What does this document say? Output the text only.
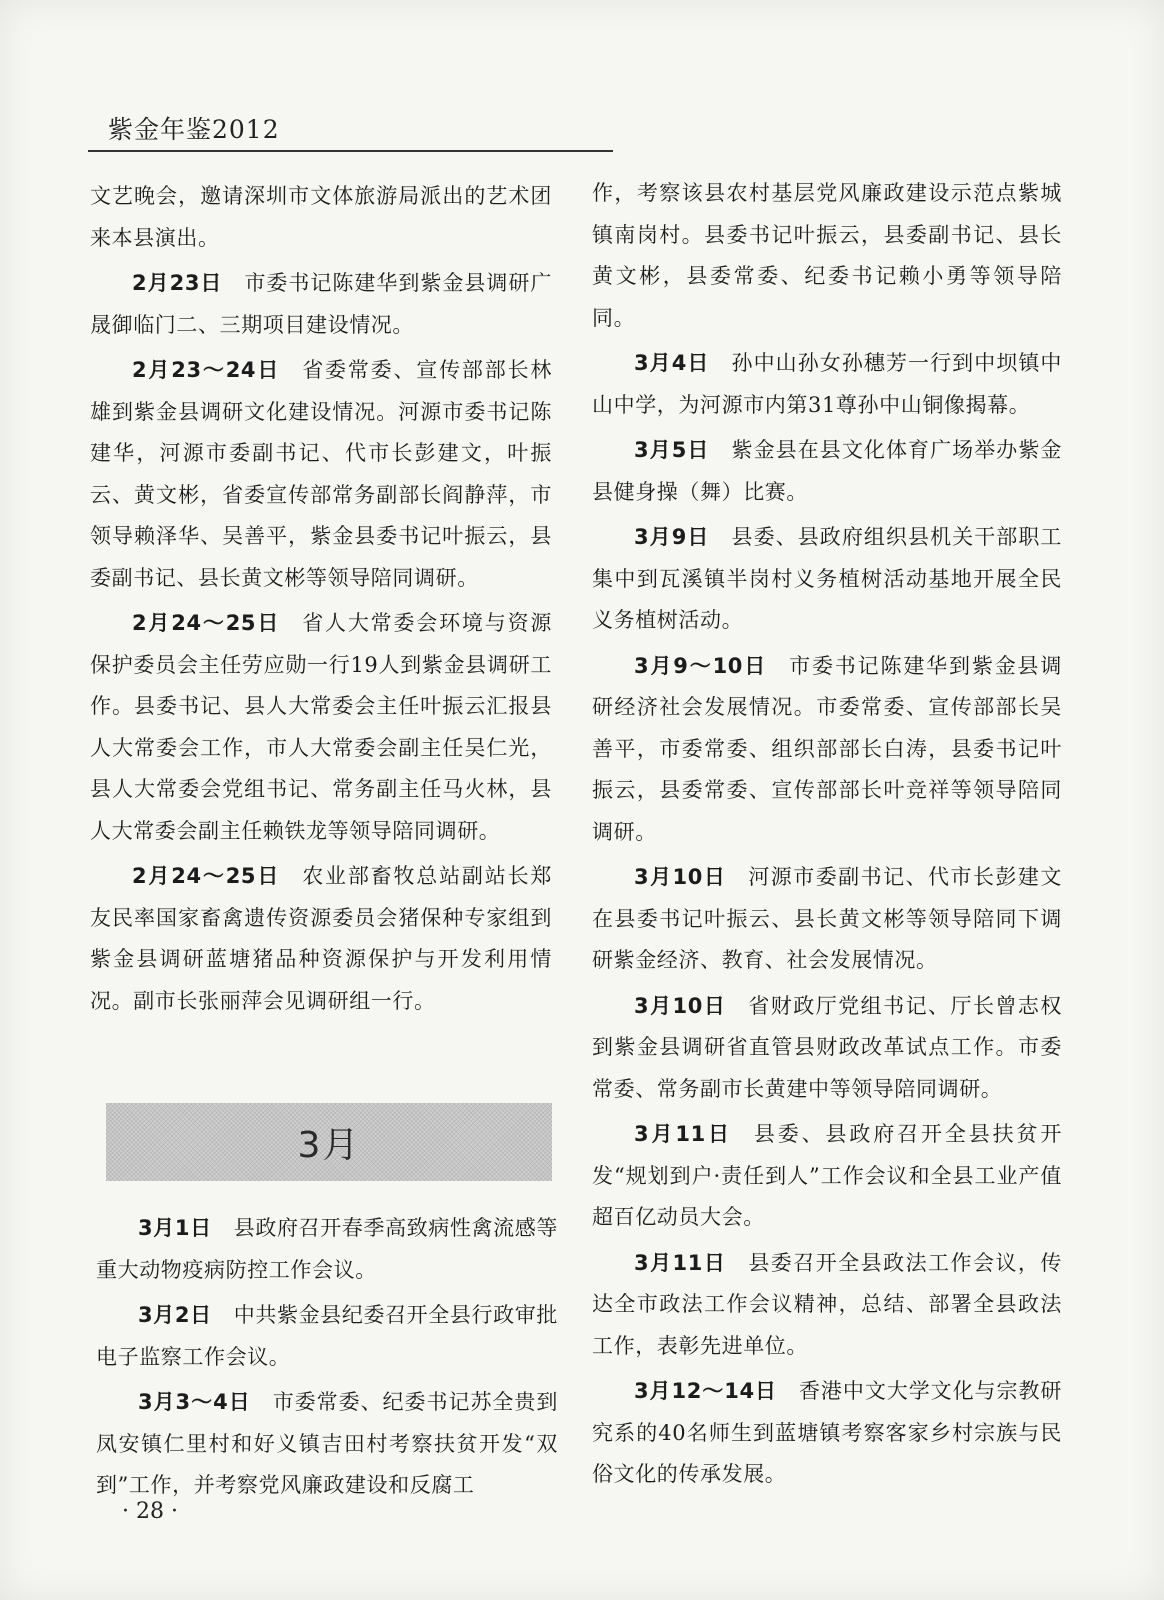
紫金年鉴2012

文艺晚会，邀请深圳市文体旅游局派出的艺术团来本县演出。

2月23日 市委书记陈建华到紫金县调研广晟御临门二、三期项目建设情况。

2月23～24日 省委常委、宣传部部长林雄到紫金县调研文化建设情况。河源市委书记陈建华，河源市委副书记、代市长彭建文，叶振云、黄文彬，省委宣传部常务副部长阎静萍，市领导赖泽华、吴善平，紫金县委书记叶振云，县委副书记、县长黄文彬等领导陪同调研。

2月24～25日 省人大常委会环境与资源保护委员会主任劳应勋一行19人到紫金县调研工作。县委书记、县人大常委会主任叶振云汇报县人大常委会工作，市人大常委会副主任吴仁光，县人大常委会党组书记、常务副主任马火林，县人大常委会副主任赖铁龙等领导陪同调研。

2月24～25日 农业部畜牧总站副站长郑友民率国家畜禽遗传资源委员会猪保种专家组到紫金县调研蓝塘猪品种资源保护与开发利用情况。副市长张丽萍会见调研组一行。

3月

3月1日 县政府召开春季高致病性禽流感等重大动物疫病防控工作会议。

3月2日 中共紫金县纪委召开全县行政审批电子监察工作会议。

3月3～4日 市委常委、纪委书记苏全贵到凤安镇仁里村和好义镇吉田村考察扶贫开发“双到”工作，并考察党风廉政建设和反腐工

作，考察该县农村基层党风廉政建设示范点紫城镇南岗村。县委书记叶振云，县委副书记、县长黄文彬，县委常委、纪委书记赖小勇等领导陪同。

3月4日 孙中山孙女孙穗芳一行到中坝镇中山中学，为河源市内第31尊孙中山铜像揭幕。

3月5日 紫金县在县文化体育广场举办紫金县健身操（舞）比赛。

3月9日 县委、县政府组织县机关干部职工集中到瓦溪镇半岗村义务植树活动基地开展全民义务植树活动。

3月9～10日 市委书记陈建华到紫金县调研经济社会发展情况。市委常委、宣传部部长吴善平，市委常委、组织部部长白涛，县委书记叶振云，县委常委、宣传部部长叶竞祥等领导陪同调研。

3月10日 河源市委副书记、代市长彭建文在县委书记叶振云、县长黄文彬等领导陪同下调研紫金经济、教育、社会发展情况。

3月10日 省财政厅党组书记、厅长曾志权到紫金县调研省直管县财政改革试点工作。市委常委、常务副市长黄建中等领导陪同调研。

3月11日 县委、县政府召开全县扶贫开发“规划到户·责任到人”工作会议和全县工业产值超百亿动员大会。

3月11日 县委召开全县政法工作会议，传达全市政法工作会议精神，总结、部署全县政法工作，表彰先进单位。

3月12～14日 香港中文大学文化与宗教研究系的40名师生到蓝塘镇考察客家乡村宗族与民俗文化的传承发展。

· 28 ·
